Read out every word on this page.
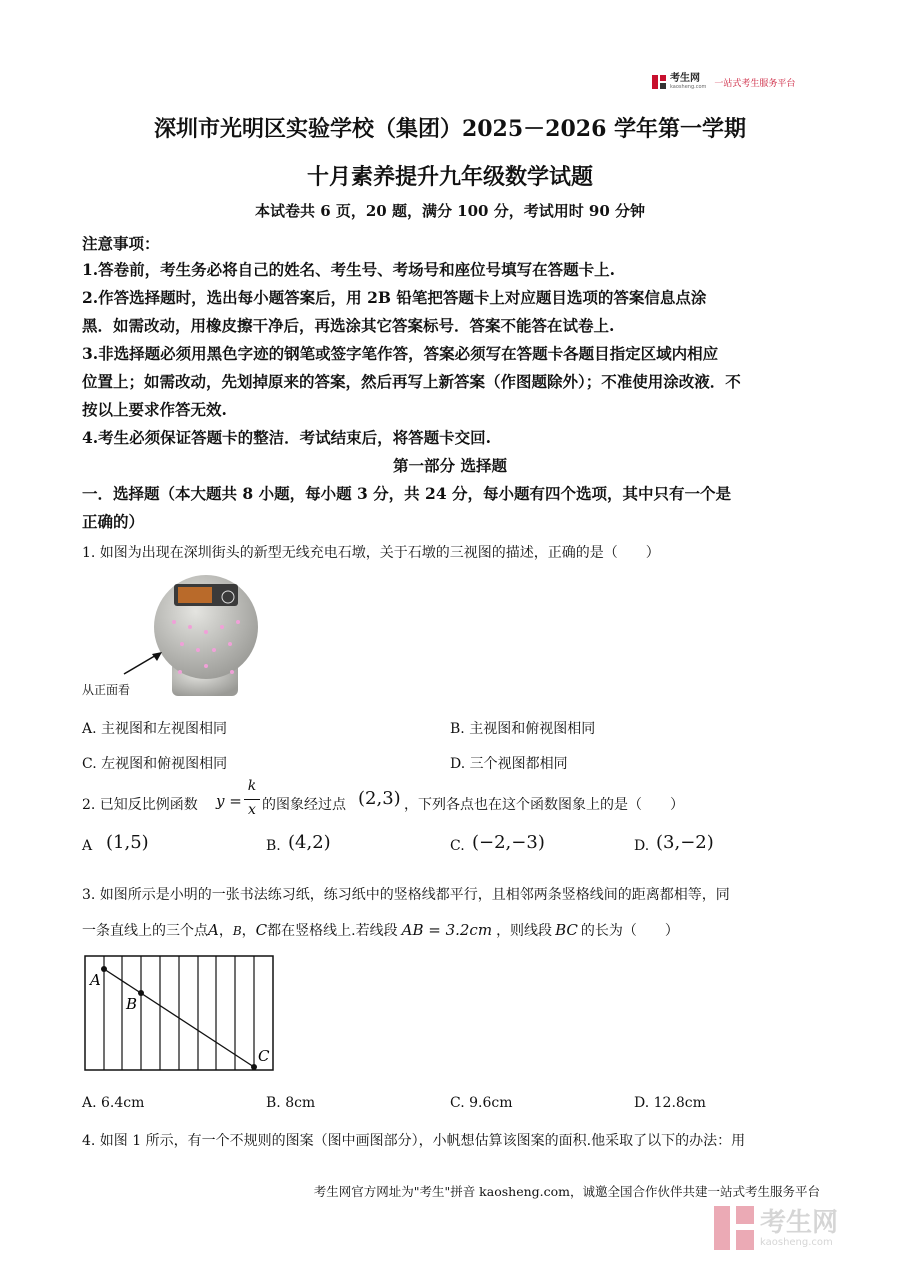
考生网
kaosheng.com 一站式考生服务平台
深圳市光明区实验学校（集团）2025－2026 学年第一学期
十月素养提升九年级数学试题
本试卷共 6 页，20 题，满分 100 分，考试用时 90 分钟
注意事项：
1.答卷前，考生务必将自己的姓名、考生号、考场号和座位号填写在答题卡上.
2.作答选择题时，选出每小题答案后，用 2B 铅笔把答题卡上对应题目选项的答案信息点涂
黑．如需改动，用橡皮擦干净后，再选涂其它答案标号．答案不能答在试卷上.
3.非选择题必须用黑色字迹的钢笔或签字笔作答，答案必须写在答题卡各题目指定区域内相应
位置上；如需改动，先划掉原来的答案，然后再写上新答案（作图题除外）；不准使用涂改液．不
按以上要求作答无效.
4.考生必须保证答题卡的整洁．考试结束后，将答题卡交回.
第一部分 选择题
一．选择题（本大题共 8 小题，每小题 3 分，共 24 分，每小题有四个选项，其中只有一个是
正确的）
1. 如图为出现在深圳街头的新型无线充电石墩，关于石墩的三视图的描述，正确的是（　　）
从正面看
A. 主视图和左视图相同	B. 主视图和俯视图相同
C. 左视图和俯视图相同	D. 三个视图都相同
2. 已知反比例函数 y =
k
x 的图象经过点 (2,3) ，下列各点也在这个函数图象上的是（　　）
A (1,5)	B. (4,2)	C. (−2,−3)	D. (3,−2)
3. 如图所示是小明的一张书法练习纸，练习纸中的竖格线都平行，且相邻两条竖格线间的距离都相等，同
一条直线上的三个点A，B，C都在竖格线上.若线段 AB = 3.2cm ，则线段 BC 的长为（　　）
A
B
C
A. 6.4cm	B. 8cm	C. 9.6cm	D. 12.8cm
4. 如图 1 所示，有一个不规则的图案（图中画图部分），小帆想估算该图案的面积.他采取了以下的办法：用
考生网官方网址为"考生"拼音 kaosheng.com，诚邀全国合作伙伴共建一站式考生服务平台
考生网
kaosheng.com
